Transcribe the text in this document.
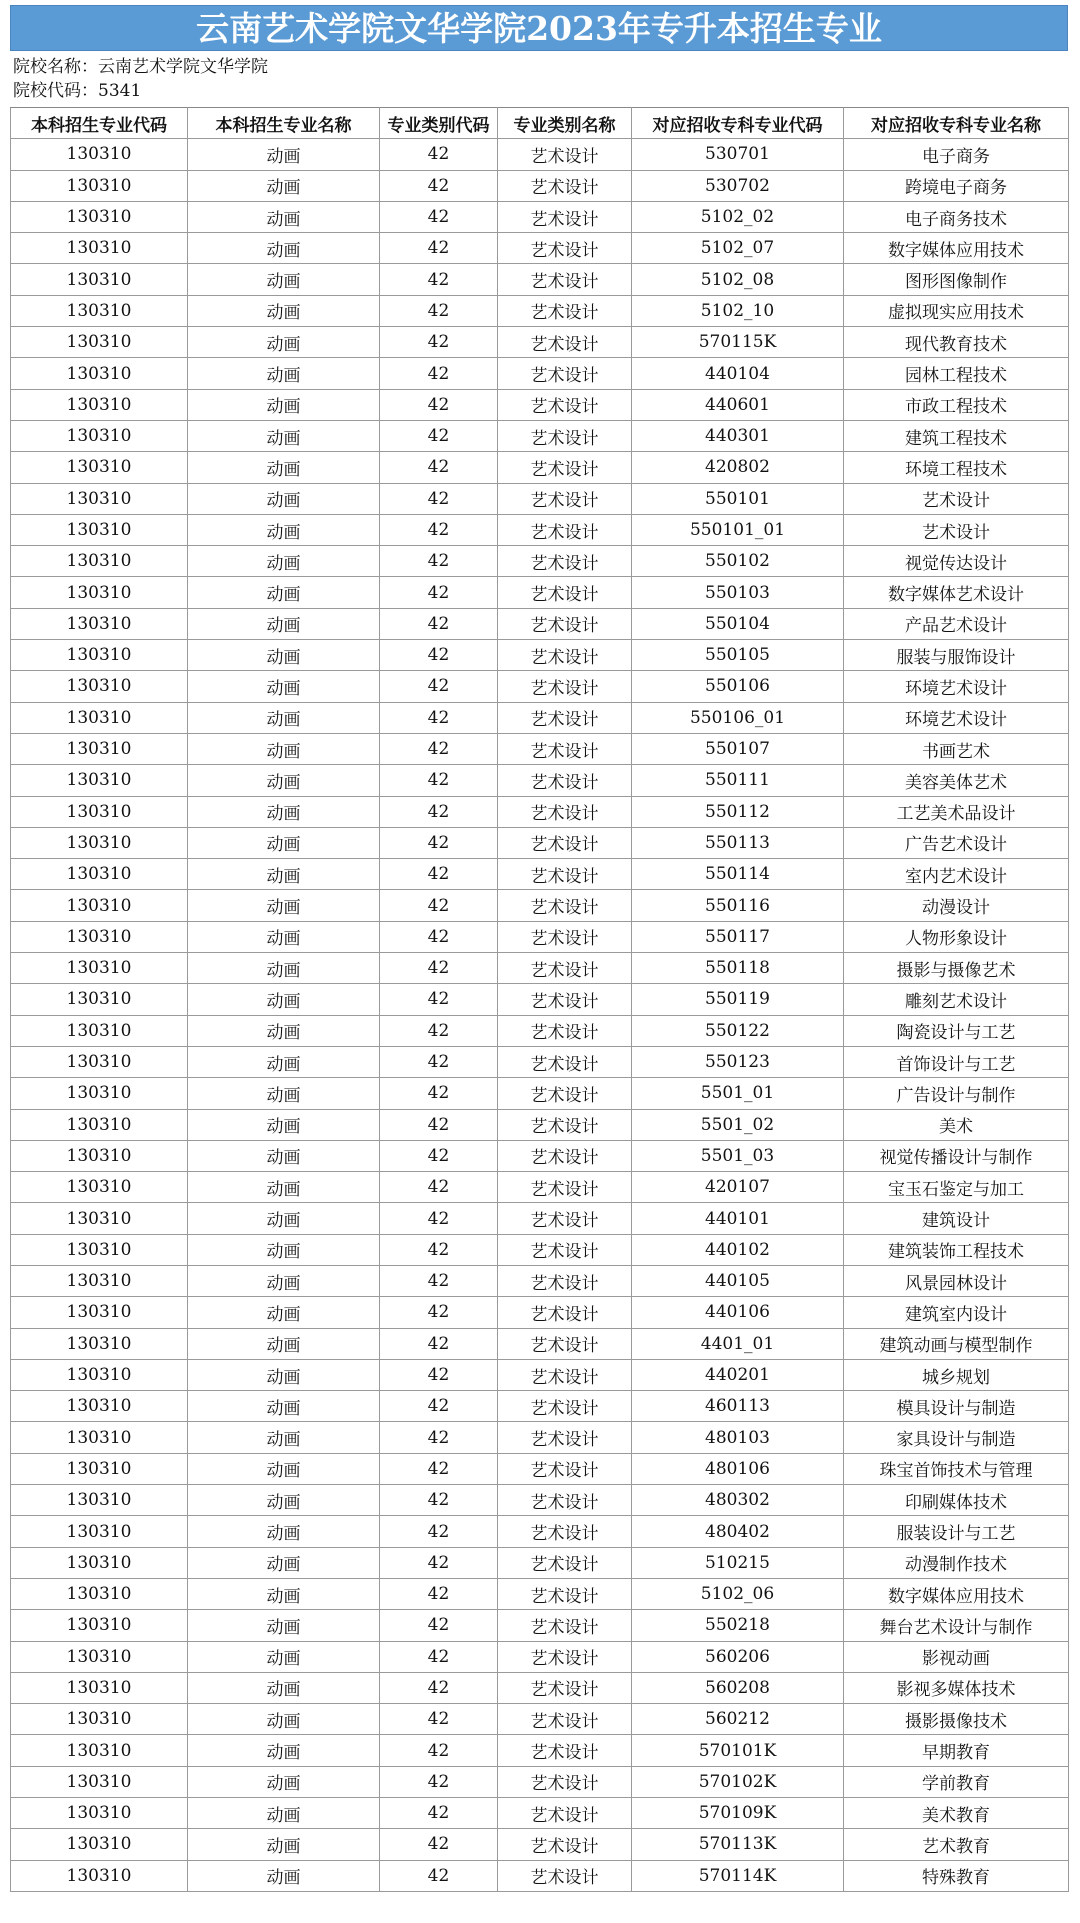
云南艺术学院文华学院2023年专升本招生专业
院校名称：云南艺术学院文华学院
院校代码：5341
本科招生专业代码	本科招生专业名称	专业类别代码	专业类别名称	对应招收专科专业代码	对应招收专科专业名称
130310	动画	42	艺术设计	530701	电子商务
130310	动画	42	艺术设计	530702	跨境电子商务
130310	动画	42	艺术设计	5102_02	电子商务技术
130310	动画	42	艺术设计	5102_07	数字媒体应用技术
130310	动画	42	艺术设计	5102_08	图形图像制作
130310	动画	42	艺术设计	5102_10	虚拟现实应用技术
130310	动画	42	艺术设计	570115K	现代教育技术
130310	动画	42	艺术设计	440104	园林工程技术
130310	动画	42	艺术设计	440601	市政工程技术
130310	动画	42	艺术设计	440301	建筑工程技术
130310	动画	42	艺术设计	420802	环境工程技术
130310	动画	42	艺术设计	550101	艺术设计
130310	动画	42	艺术设计	550101_01	艺术设计
130310	动画	42	艺术设计	550102	视觉传达设计
130310	动画	42	艺术设计	550103	数字媒体艺术设计
130310	动画	42	艺术设计	550104	产品艺术设计
130310	动画	42	艺术设计	550105	服装与服饰设计
130310	动画	42	艺术设计	550106	环境艺术设计
130310	动画	42	艺术设计	550106_01	环境艺术设计
130310	动画	42	艺术设计	550107	书画艺术
130310	动画	42	艺术设计	550111	美容美体艺术
130310	动画	42	艺术设计	550112	工艺美术品设计
130310	动画	42	艺术设计	550113	广告艺术设计
130310	动画	42	艺术设计	550114	室内艺术设计
130310	动画	42	艺术设计	550116	动漫设计
130310	动画	42	艺术设计	550117	人物形象设计
130310	动画	42	艺术设计	550118	摄影与摄像艺术
130310	动画	42	艺术设计	550119	雕刻艺术设计
130310	动画	42	艺术设计	550122	陶瓷设计与工艺
130310	动画	42	艺术设计	550123	首饰设计与工艺
130310	动画	42	艺术设计	5501_01	广告设计与制作
130310	动画	42	艺术设计	5501_02	美术
130310	动画	42	艺术设计	5501_03	视觉传播设计与制作
130310	动画	42	艺术设计	420107	宝玉石鉴定与加工
130310	动画	42	艺术设计	440101	建筑设计
130310	动画	42	艺术设计	440102	建筑装饰工程技术
130310	动画	42	艺术设计	440105	风景园林设计
130310	动画	42	艺术设计	440106	建筑室内设计
130310	动画	42	艺术设计	4401_01	建筑动画与模型制作
130310	动画	42	艺术设计	440201	城乡规划
130310	动画	42	艺术设计	460113	模具设计与制造
130310	动画	42	艺术设计	480103	家具设计与制造
130310	动画	42	艺术设计	480106	珠宝首饰技术与管理
130310	动画	42	艺术设计	480302	印刷媒体技术
130310	动画	42	艺术设计	480402	服装设计与工艺
130310	动画	42	艺术设计	510215	动漫制作技术
130310	动画	42	艺术设计	5102_06	数字媒体应用技术
130310	动画	42	艺术设计	550218	舞台艺术设计与制作
130310	动画	42	艺术设计	560206	影视动画
130310	动画	42	艺术设计	560208	影视多媒体技术
130310	动画	42	艺术设计	560212	摄影摄像技术
130310	动画	42	艺术设计	570101K	早期教育
130310	动画	42	艺术设计	570102K	学前教育
130310	动画	42	艺术设计	570109K	美术教育
130310	动画	42	艺术设计	570113K	艺术教育
130310	动画	42	艺术设计	570114K	特殊教育
